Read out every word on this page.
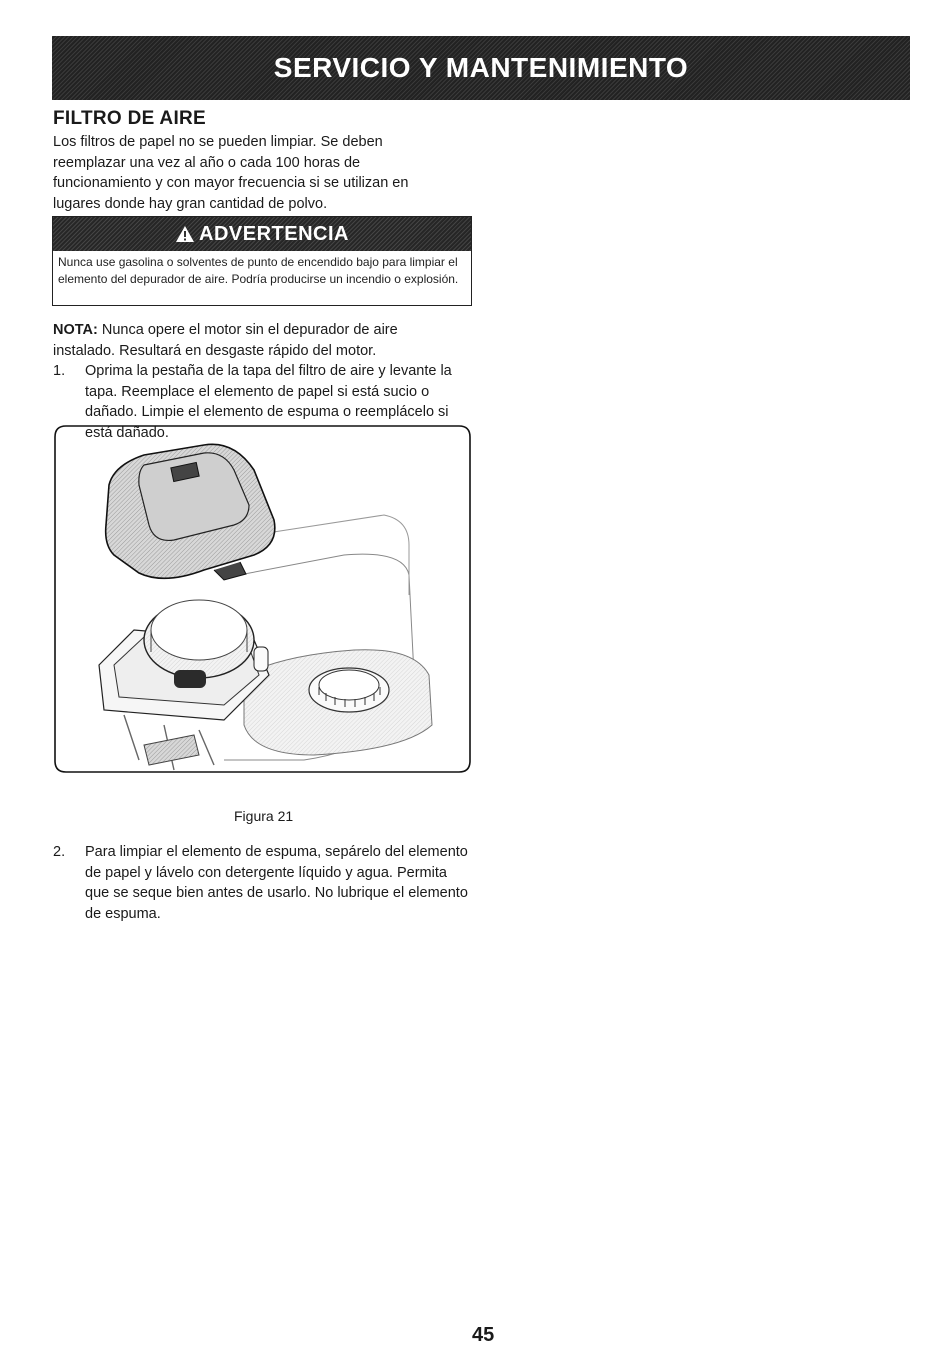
SERVICIO Y MANTENIMIENTO
FILTRO DE AIRE
Los filtros de papel no se pueden limpiar. Se deben reemplazar una vez al año o cada 100 horas de funcionamiento y con mayor frecuencia si se utilizan en lugares donde hay gran cantidad de polvo.
ADVERTENCIA
Nunca use gasolina o solventes de punto de encendido bajo para limpiar el elemento del depurador de aire. Podría producirse un incendio o explosión.
NOTA: Nunca opere el motor sin el depurador de aire instalado. Resultará en desgaste rápido del motor.
1.	Oprima la pestaña de la tapa del filtro de aire y levante la tapa. Reemplace el elemento de papel si está sucio o dañado. Limpie el elemento de espuma o reemplácelo si está dañado.
Figura 21
2.	Para limpiar el elemento de espuma, sepárelo del elemento de papel y lávelo con detergente líquido y agua. Permita que se seque bien antes de usarlo. No lubrique el elemento de espuma.
45
